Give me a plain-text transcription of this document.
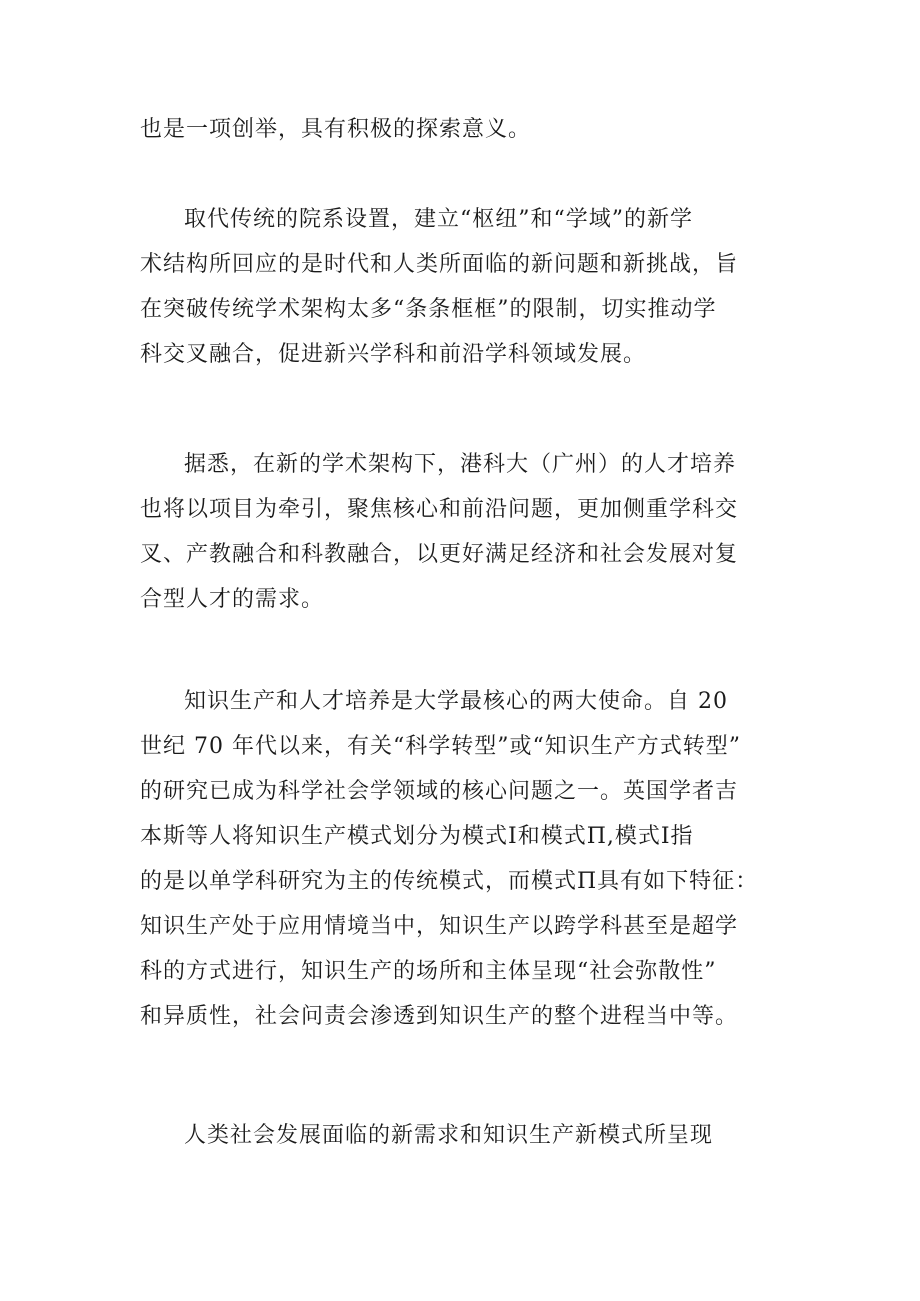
也是一项创举，具有积极的探索意义。
取代传统的院系设置，建立“枢纽”和“学域”的新学
术结构所回应的是时代和人类所面临的新问题和新挑战，旨
在突破传统学术架构太多“条条框框”的限制，切实推动学
科交叉融合，促进新兴学科和前沿学科领域发展。
据悉，在新的学术架构下，港科大（广州）的人才培养
也将以项目为牵引，聚焦核心和前沿问题，更加侧重学科交
叉、产教融合和科教融合，以更好满足经济和社会发展对复
合型人才的需求。
知识生产和人才培养是大学最核心的两大使命。自 20
世纪 70 年代以来，有关“科学转型”或“知识生产方式转型”
的研究已成为科学社会学领域的核心问题之一。英国学者吉
本斯等人将知识生产模式划分为模式Ⅰ和模式Π,模式Ⅰ指
的是以单学科研究为主的传统模式，而模式Π具有如下特征：
知识生产处于应用情境当中，知识生产以跨学科甚至是超学
科的方式进行，知识生产的场所和主体呈现“社会弥散性”
和异质性，社会问责会渗透到知识生产的整个进程当中等。
人类社会发展面临的新需求和知识生产新模式所呈现
